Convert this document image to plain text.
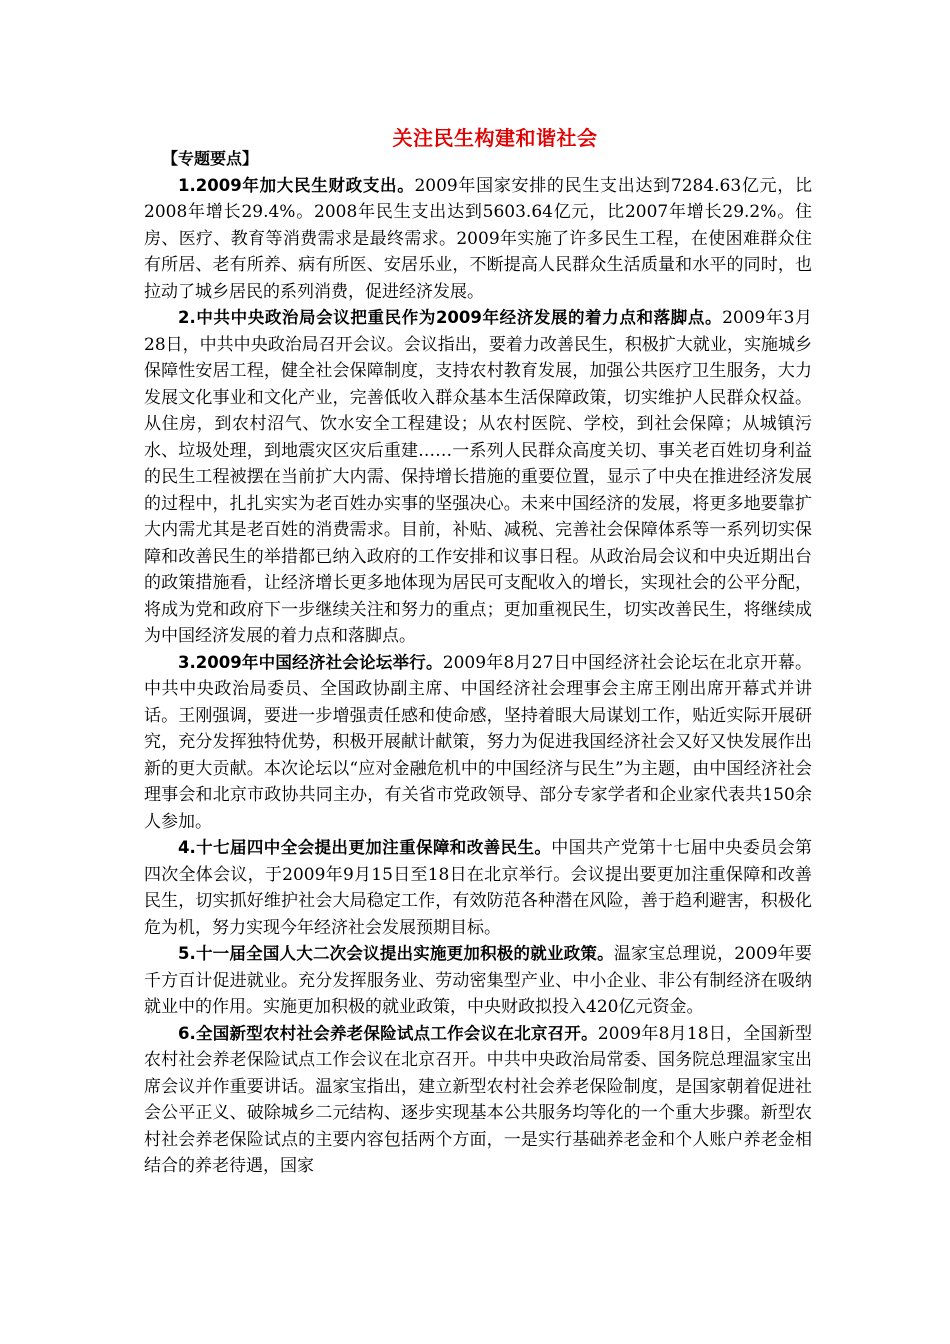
关注民生构建和谐社会

【专题要点】

1.2009年加大民生财政支出。2009年国家安排的民生支出达到7284.63亿元，比2008年增长29.4%。2008年民生支出达到5603.64亿元，比2007年增长29.2%。住房、医疗、教育等消费需求是最终需求。2009年实施了许多民生工程，在使困难群众住有所居、老有所养、病有所医、安居乐业，不断提高人民群众生活质量和水平的同时，也拉动了城乡居民的系列消费，促进经济发展。

2.中共中央政治局会议把重民作为2009年经济发展的着力点和落脚点。2009年3月28日，中共中央政治局召开会议。会议指出，要着力改善民生，积极扩大就业，实施城乡保障性安居工程，健全社会保障制度，支持农村教育发展，加强公共医疗卫生服务，大力发展文化事业和文化产业，完善低收入群众基本生活保障政策，切实维护人民群众权益。从住房，到农村沼气、饮水安全工程建设；从农村医院、学校，到社会保障；从城镇污水、垃圾处理，到地震灾区灾后重建……一系列人民群众高度关切、事关老百姓切身利益的民生工程被摆在当前扩大内需、保持增长措施的重要位置，显示了中央在推进经济发展的过程中，扎扎实实为老百姓办实事的坚强决心。未来中国经济的发展，将更多地要靠扩大内需尤其是老百姓的消费需求。目前，补贴、减税、完善社会保障体系等一系列切实保障和改善民生的举措都已纳入政府的工作安排和议事日程。从政治局会议和中央近期出台的政策措施看，让经济增长更多地体现为居民可支配收入的增长，实现社会的公平分配，将成为党和政府下一步继续关注和努力的重点；更加重视民生，切实改善民生，将继续成为中国经济发展的着力点和落脚点。

3.2009年中国经济社会论坛举行。2009年8月27日中国经济社会论坛在北京开幕。中共中央政治局委员、全国政协副主席、中国经济社会理事会主席王刚出席开幕式并讲话。王刚强调，要进一步增强责任感和使命感，坚持着眼大局谋划工作，贴近实际开展研究，充分发挥独特优势，积极开展献计献策，努力为促进我国经济社会又好又快发展作出新的更大贡献。本次论坛以“应对金融危机中的中国经济与民生”为主题，由中国经济社会理事会和北京市政协共同主办，有关省市党政领导、部分专家学者和企业家代表共150余人参加。

4.十七届四中全会提出更加注重保障和改善民生。中国共产党第十七届中央委员会第四次全体会议，于2009年9月15日至18日在北京举行。会议提出要更加注重保障和改善民生，切实抓好维护社会大局稳定工作，有效防范各种潜在风险，善于趋利避害，积极化危为机，努力实现今年经济社会发展预期目标。

5.十一届全国人大二次会议提出实施更加积极的就业政策。温家宝总理说，2009年要千方百计促进就业。充分发挥服务业、劳动密集型产业、中小企业、非公有制经济在吸纳就业中的作用。实施更加积极的就业政策，中央财政拟投入420亿元资金。

6.全国新型农村社会养老保险试点工作会议在北京召开。2009年8月18日，全国新型农村社会养老保险试点工作会议在北京召开。中共中央政治局常委、国务院总理温家宝出席会议并作重要讲话。温家宝指出，建立新型农村社会养老保险制度，是国家朝着促进社会公平正义、破除城乡二元结构、逐步实现基本公共服务均等化的一个重大步骤。新型农村社会养老保险试点的主要内容包括两个方面，一是实行基础养老金和个人账户养老金相结合的养老待遇，国家
